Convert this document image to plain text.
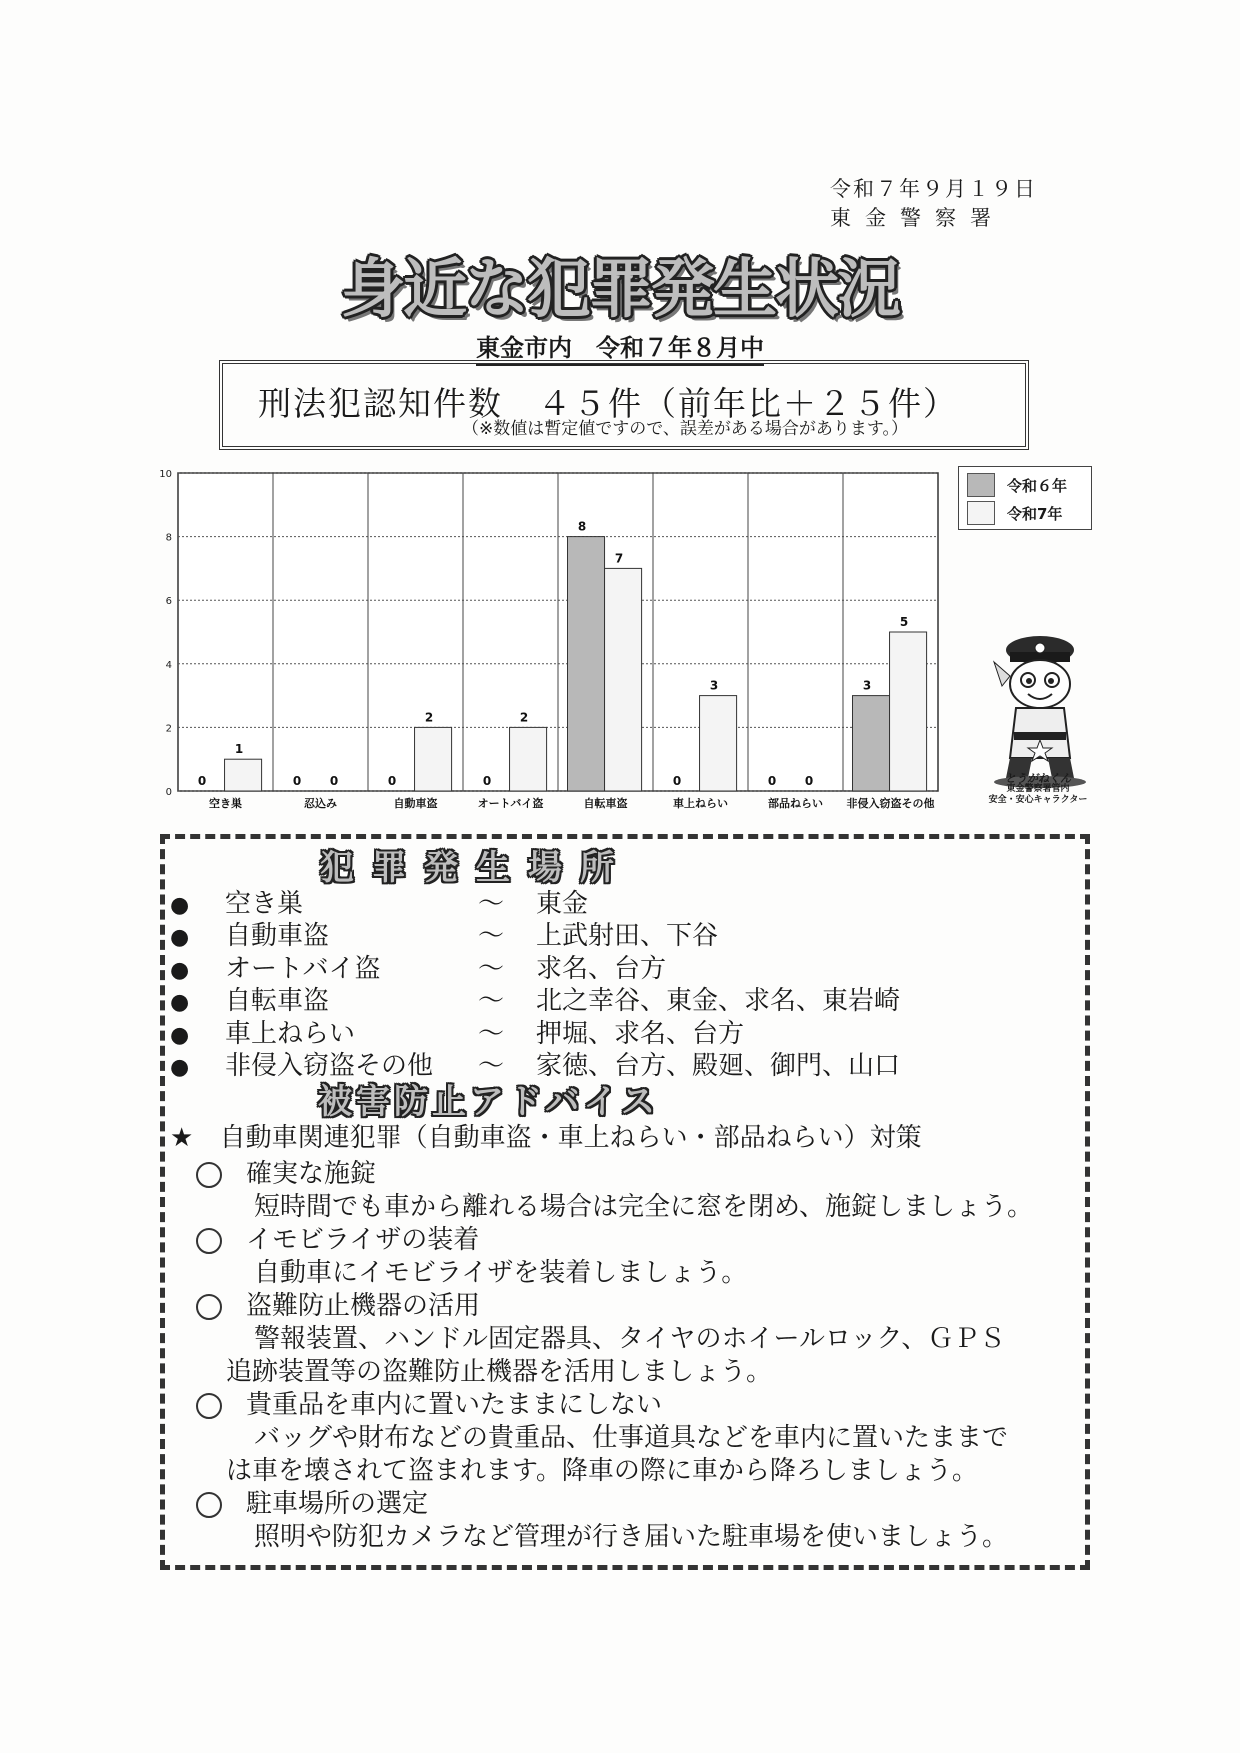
令和７年９月１９日
東金警察署
身近な犯罪発生状況
東金市内　令和７年８月中
刑法犯認知件数　４５件（前年比＋２５件）
（※数値は暫定値ですので、誤差がある場合があります。）
0
2
4
6
8
10
0
1
空き巣
0 0
忍込み
0
2
自動車盗
0
2
オートバイ盗
8
7
自転車盗
0
3
車上ねらい
0 0
部品ねらい
3
5
非侵入窃盗その他
令和６年
令和7年
とうがねくん
東金警察署管内
安全・安心キャラクター
犯罪発生場所
● 空き巣	～ 東金
● 自動車盗	～ 上武射田、下谷
● オートバイ盗	～ 求名、台方
● 自転車盗	～ 北之幸谷、東金、求名、東岩崎
● 車上ねらい	～ 押堀、求名、台方
● 非侵入窃盗その他 ～ 家徳、台方、殿廻、御門、山口
被害防止アドバイス
★ 自動車関連犯罪（自動車盗・車上ねらい・部品ねらい）対策
確実な施錠
短時間でも車から離れる場合は完全に窓を閉め、施錠しましょう。
イモビライザの装着
自動車にイモビライザを装着しましょう。
盗難防止機器の活用
警報装置、ハンドル固定器具、タイヤのホイールロック、ＧＰＳ
追跡装置等の盗難防止機器を活用しましょう。
貴重品を車内に置いたままにしない
バッグや財布などの貴重品、仕事道具などを車内に置いたままで
は車を壊されて盗まれます。降車の際に車から降ろしましょう。
駐車場所の選定
照明や防犯カメラなど管理が行き届いた駐車場を使いましょう。
